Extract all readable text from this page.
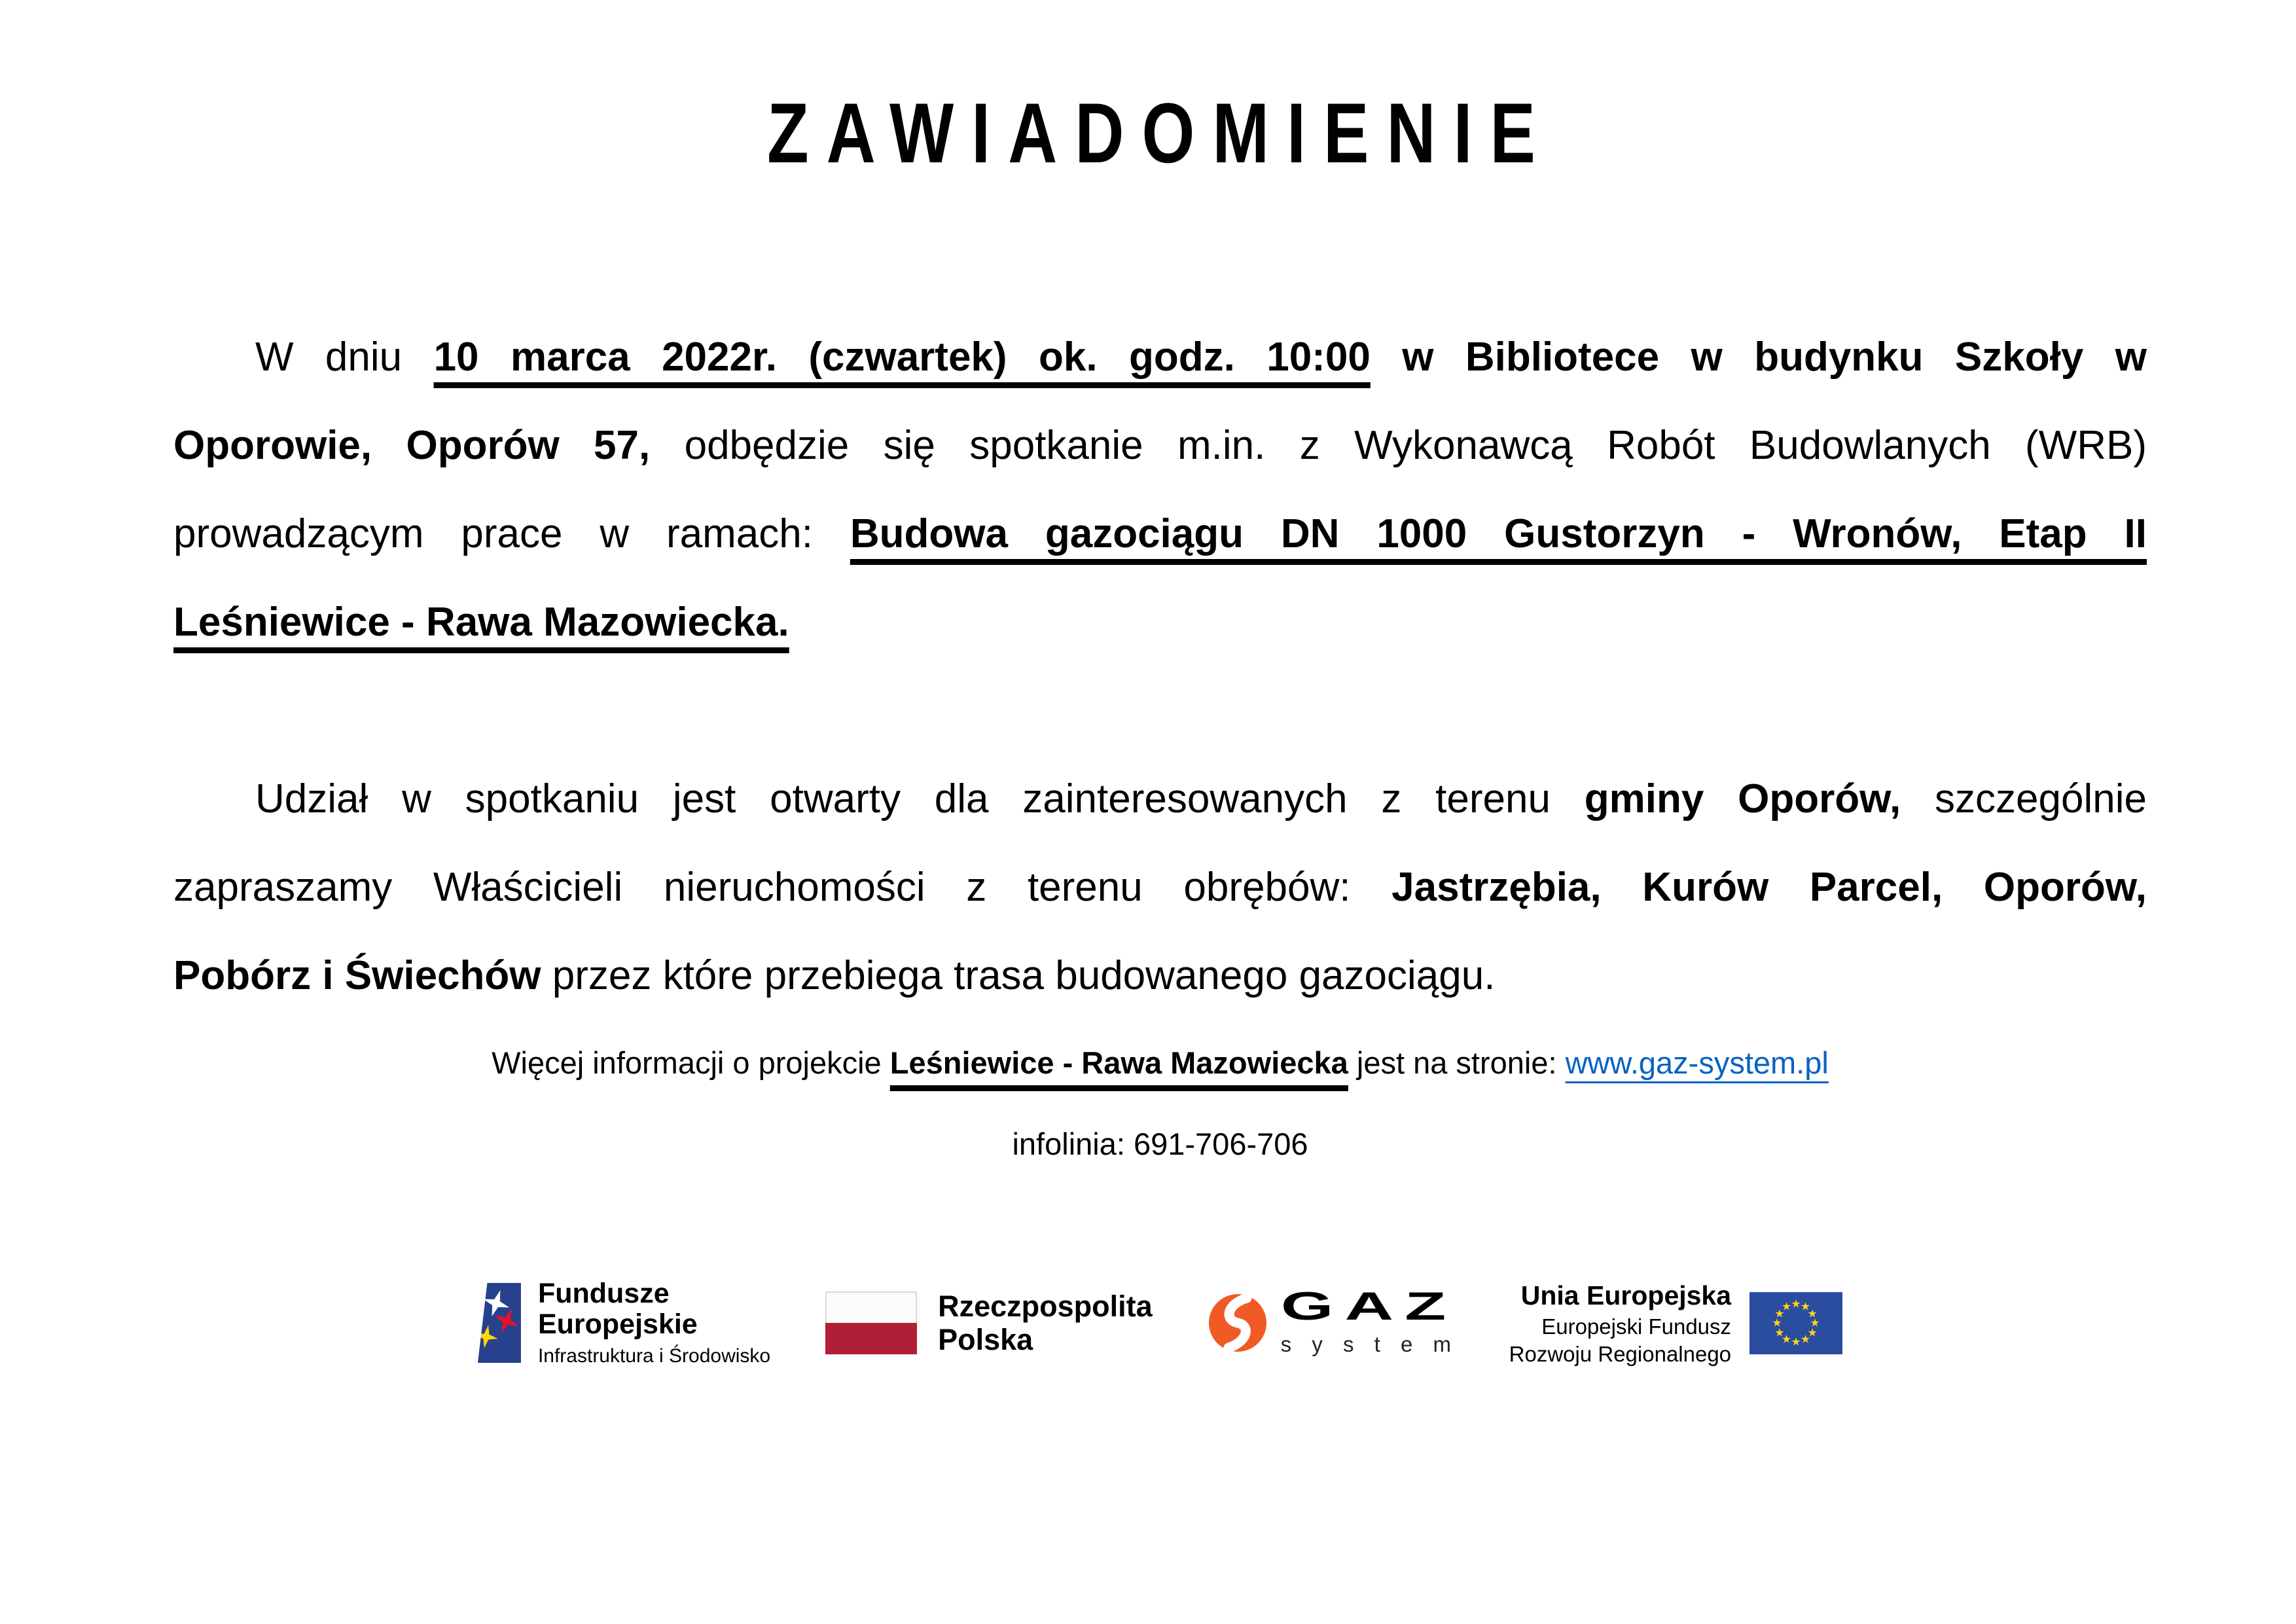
ZAWIADOMIENIE
W dniu 10 marca 2022r. (czwartek) ok. godz. 10:00 w Bibliotece w budynku Szkoły w
Oporowie, Oporów 57, odbędzie się spotkanie m.in. z Wykonawcą Robót Budowlanych (WRB)
prowadzącym prace w ramach: Budowa gazociągu DN 1000 Gustorzyn - Wronów, Etap II
Leśniewice - Rawa Mazowiecka.
Udział w spotkaniu jest otwarty dla zainteresowanych z terenu gminy Oporów, szczególnie
zapraszamy Właścicieli nieruchomości z terenu obrębów: Jastrzębia, Kurów Parcel, Oporów,
Pobórz i Świechów przez które przebiega trasa budowanego gazociągu.
Więcej informacji o projekcie Leśniewice - Rawa Mazowiecka jest na stronie: www.gaz-system.pl
infolinia: 691-706-706
Fundusze
Europejskie
Infrastruktura i Środowisko
Rzeczpospolita
Polska
GAZ
s y s t e m
Unia Europejska
Europejski Fundusz
Rozwoju Regionalnego
★ ★
★
★
★
★
★
★
★
★
★
★
